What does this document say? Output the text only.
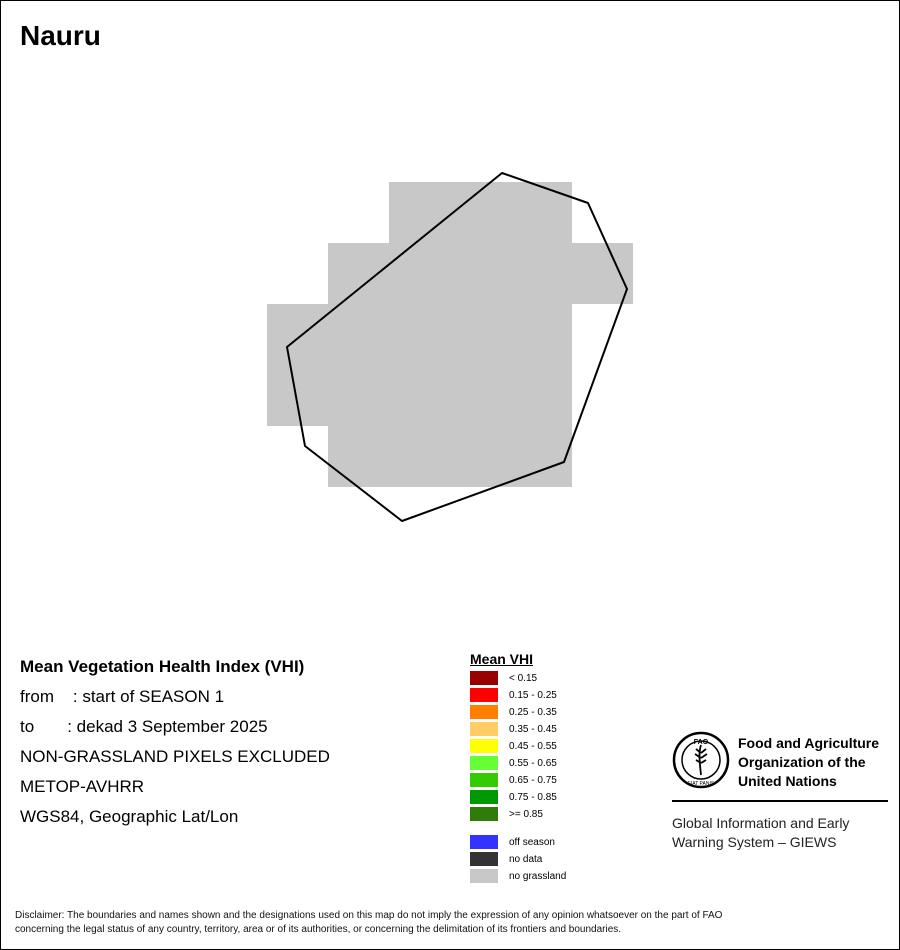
Nauru
Mean Vegetation Health Index (VHI)
from    : start of SEASON 1
to       : dekad 3 September 2025
NON-GRASSLAND PIXELS EXCLUDED
METOP-AVHRR
WGS84, Geographic Lat/Lon
Mean VHI
< 0.15
0.15 - 0.25
0.25 - 0.35
0.35 - 0.45
0.45 - 0.55
0.55 - 0.65
0.65 - 0.75
0.75 - 0.85
>= 0.85
off season
no data
no grassland
FAO
FIAT PANIS
Food and Agriculture
Organization of the
United Nations
Global Information and Early
Warning System – GIEWS
Disclaimer: The boundaries and names shown and the designations used on this map do not imply the expression of any opinion whatsoever on the part of FAO
concerning the legal status of any country, territory, area or of its authorities, or concerning the delimitation of its frontiers and boundaries.
